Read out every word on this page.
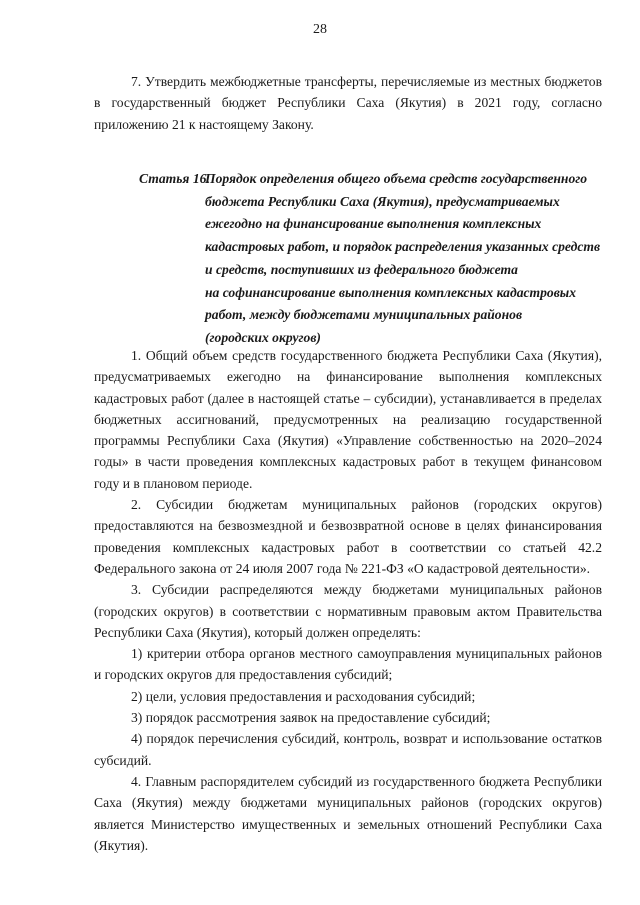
28

7. Утвердить межбюджетные трансферты, перечисляемые из местных бюджетов в государственный бюджет Республики Саха (Якутия) в 2021 году, согласно приложению 21 к настоящему Закону.

Статья 16.
Порядок определения общего объема средств государственного
бюджета Республики Саха (Якутия), предусматриваемых
ежегодно на финансирование выполнения комплексных
кадастровых работ, и порядок распределения указанных средств
и средств, поступивших из федерального бюджета
на софинансирование выполнения комплексных кадастровых
работ, между бюджетами муниципальных районов
(городских округов)

1. Общий объем средств государственного бюджета Республики Саха (Якутия), предусматриваемых ежегодно на финансирование выполнения комплексных кадастровых работ (далее в настоящей статье – субсидии), устанавливается в пределах бюджетных ассигнований, предусмотренных на реализацию государственной программы Республики Саха (Якутия) «Управление собственностью на 2020–2024 годы» в части проведения комплексных кадастровых работ в текущем финансовом году и в плановом периоде.

2. Субсидии бюджетам муниципальных районов (городских округов) предоставляются на безвозмездной и безвозвратной основе в целях финансирования проведения комплексных кадастровых работ в соответствии со статьей 42.2 Федерального закона от 24 июля 2007 года № 221-ФЗ «О кадастровой деятельности».

3. Субсидии распределяются между бюджетами муниципальных районов (городских округов) в соответствии с нормативным правовым актом Правительства Республики Саха (Якутия), который должен определять:

1) критерии отбора органов местного самоуправления муниципальных районов и городских округов для предоставления субсидий;

2) цели, условия предоставления и расходования субсидий;

3) порядок рассмотрения заявок на предоставление субсидий;

4) порядок перечисления субсидий, контроль, возврат и использование остатков субсидий.

4. Главным распорядителем субсидий из государственного бюджета Республики Саха (Якутия) между бюджетами муниципальных районов (городских округов) является Министерство имущественных и земельных отношений Республики Саха (Якутия).
